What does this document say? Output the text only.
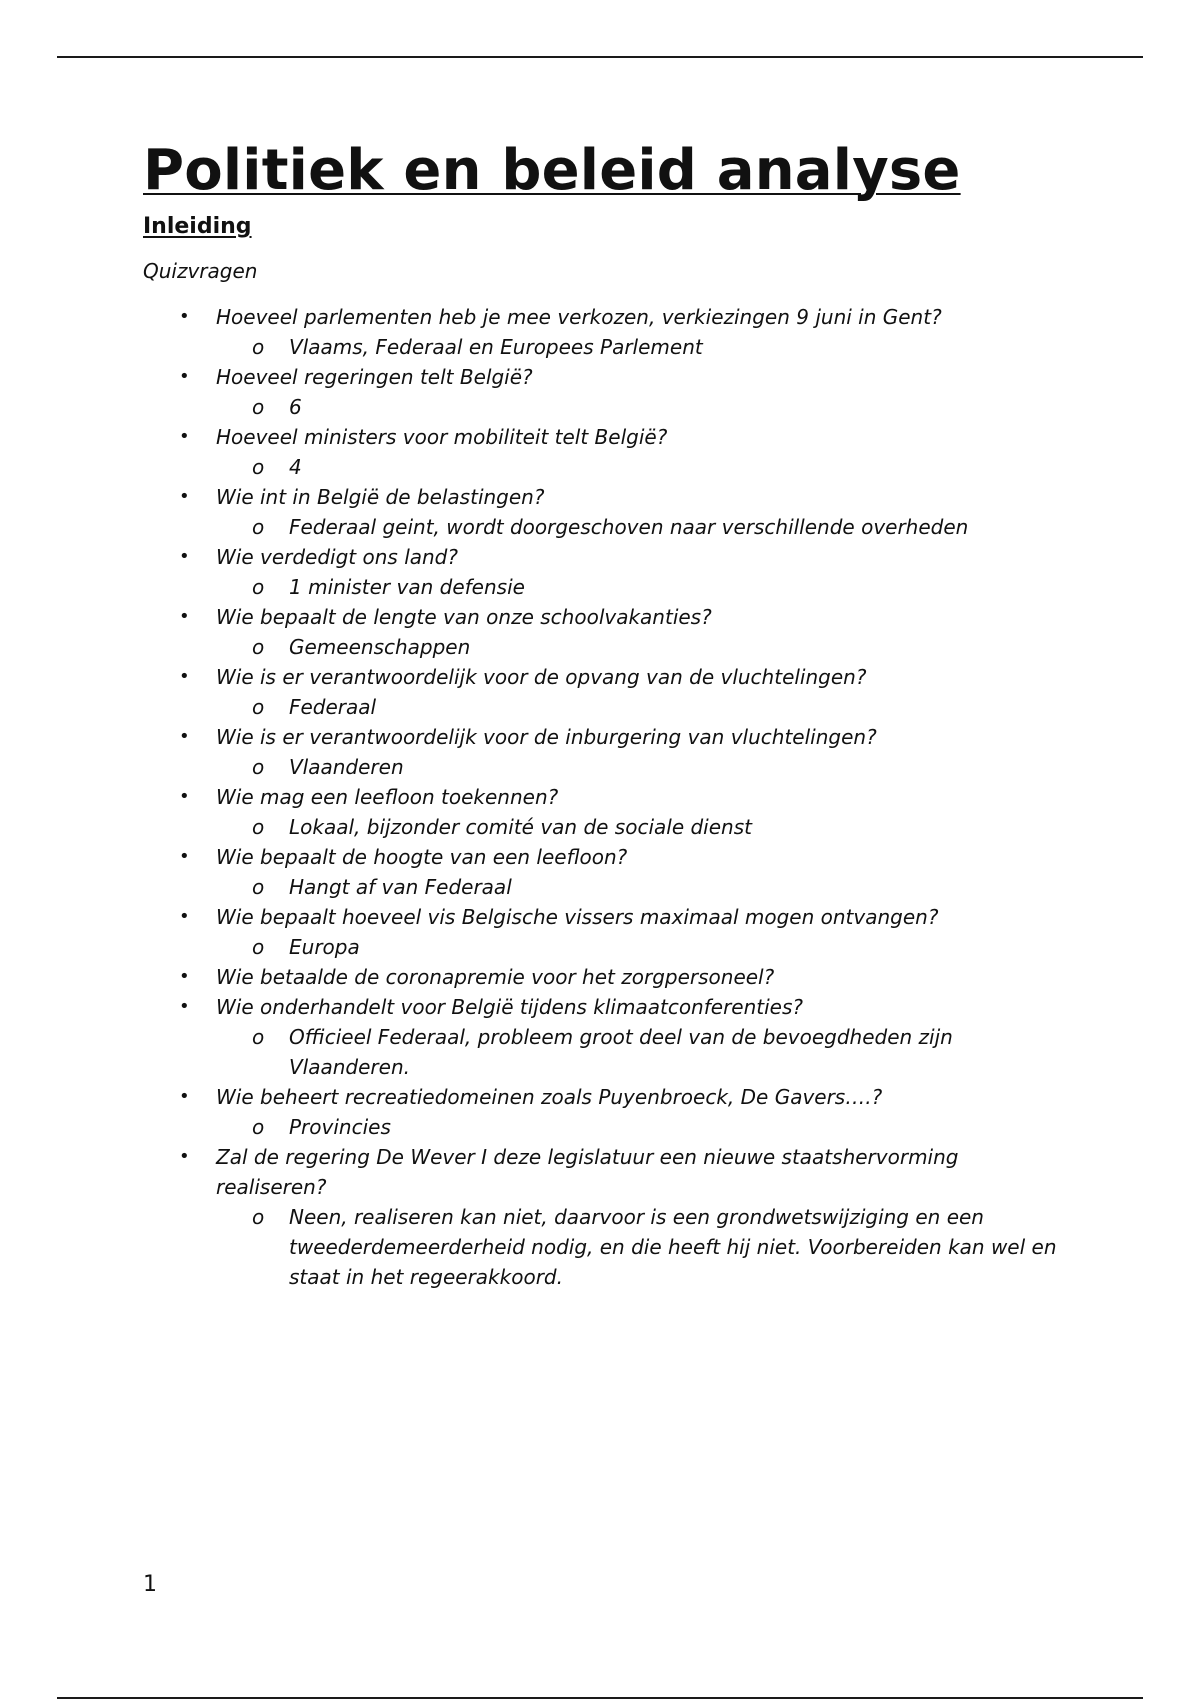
Politiek en beleid analyse
Inleiding
Quizvragen
• Hoeveel parlementen heb je mee verkozen, verkiezingen 9 juni in Gent?
o Vlaams, Federaal en Europees Parlement
• Hoeveel regeringen telt België?
o 6
• Hoeveel ministers voor mobiliteit telt België?
o 4
• Wie int in België de belastingen?
o Federaal geint, wordt doorgeschoven naar verschillende overheden
• Wie verdedigt ons land?
o 1 minister van defensie
• Wie bepaalt de lengte van onze schoolvakanties?
o Gemeenschappen
• Wie is er verantwoordelijk voor de opvang van de vluchtelingen?
o Federaal
• Wie is er verantwoordelijk voor de inburgering van vluchtelingen?
o Vlaanderen
• Wie mag een leefloon toekennen?
o Lokaal, bijzonder comité van de sociale dienst
• Wie bepaalt de hoogte van een leefloon?
o Hangt af van Federaal
• Wie bepaalt hoeveel vis Belgische vissers maximaal mogen ontvangen?
o Europa
• Wie betaalde de coronapremie voor het zorgpersoneel?
• Wie onderhandelt voor België tijdens klimaatconferenties?
o Officieel Federaal, probleem groot deel van de bevoegdheden zijn Vlaanderen.
• Wie beheert recreatiedomeinen zoals Puyenbroeck, De Gavers….?
o Provincies
• Zal de regering De Wever I deze legislatuur een nieuwe staatshervorming realiseren?
o Neen, realiseren kan niet, daarvoor is een grondwetswijziging en een tweederdemeerderheid nodig, en die heeft hij niet. Voorbereiden kan wel en staat in het regeerakkoord.
1
